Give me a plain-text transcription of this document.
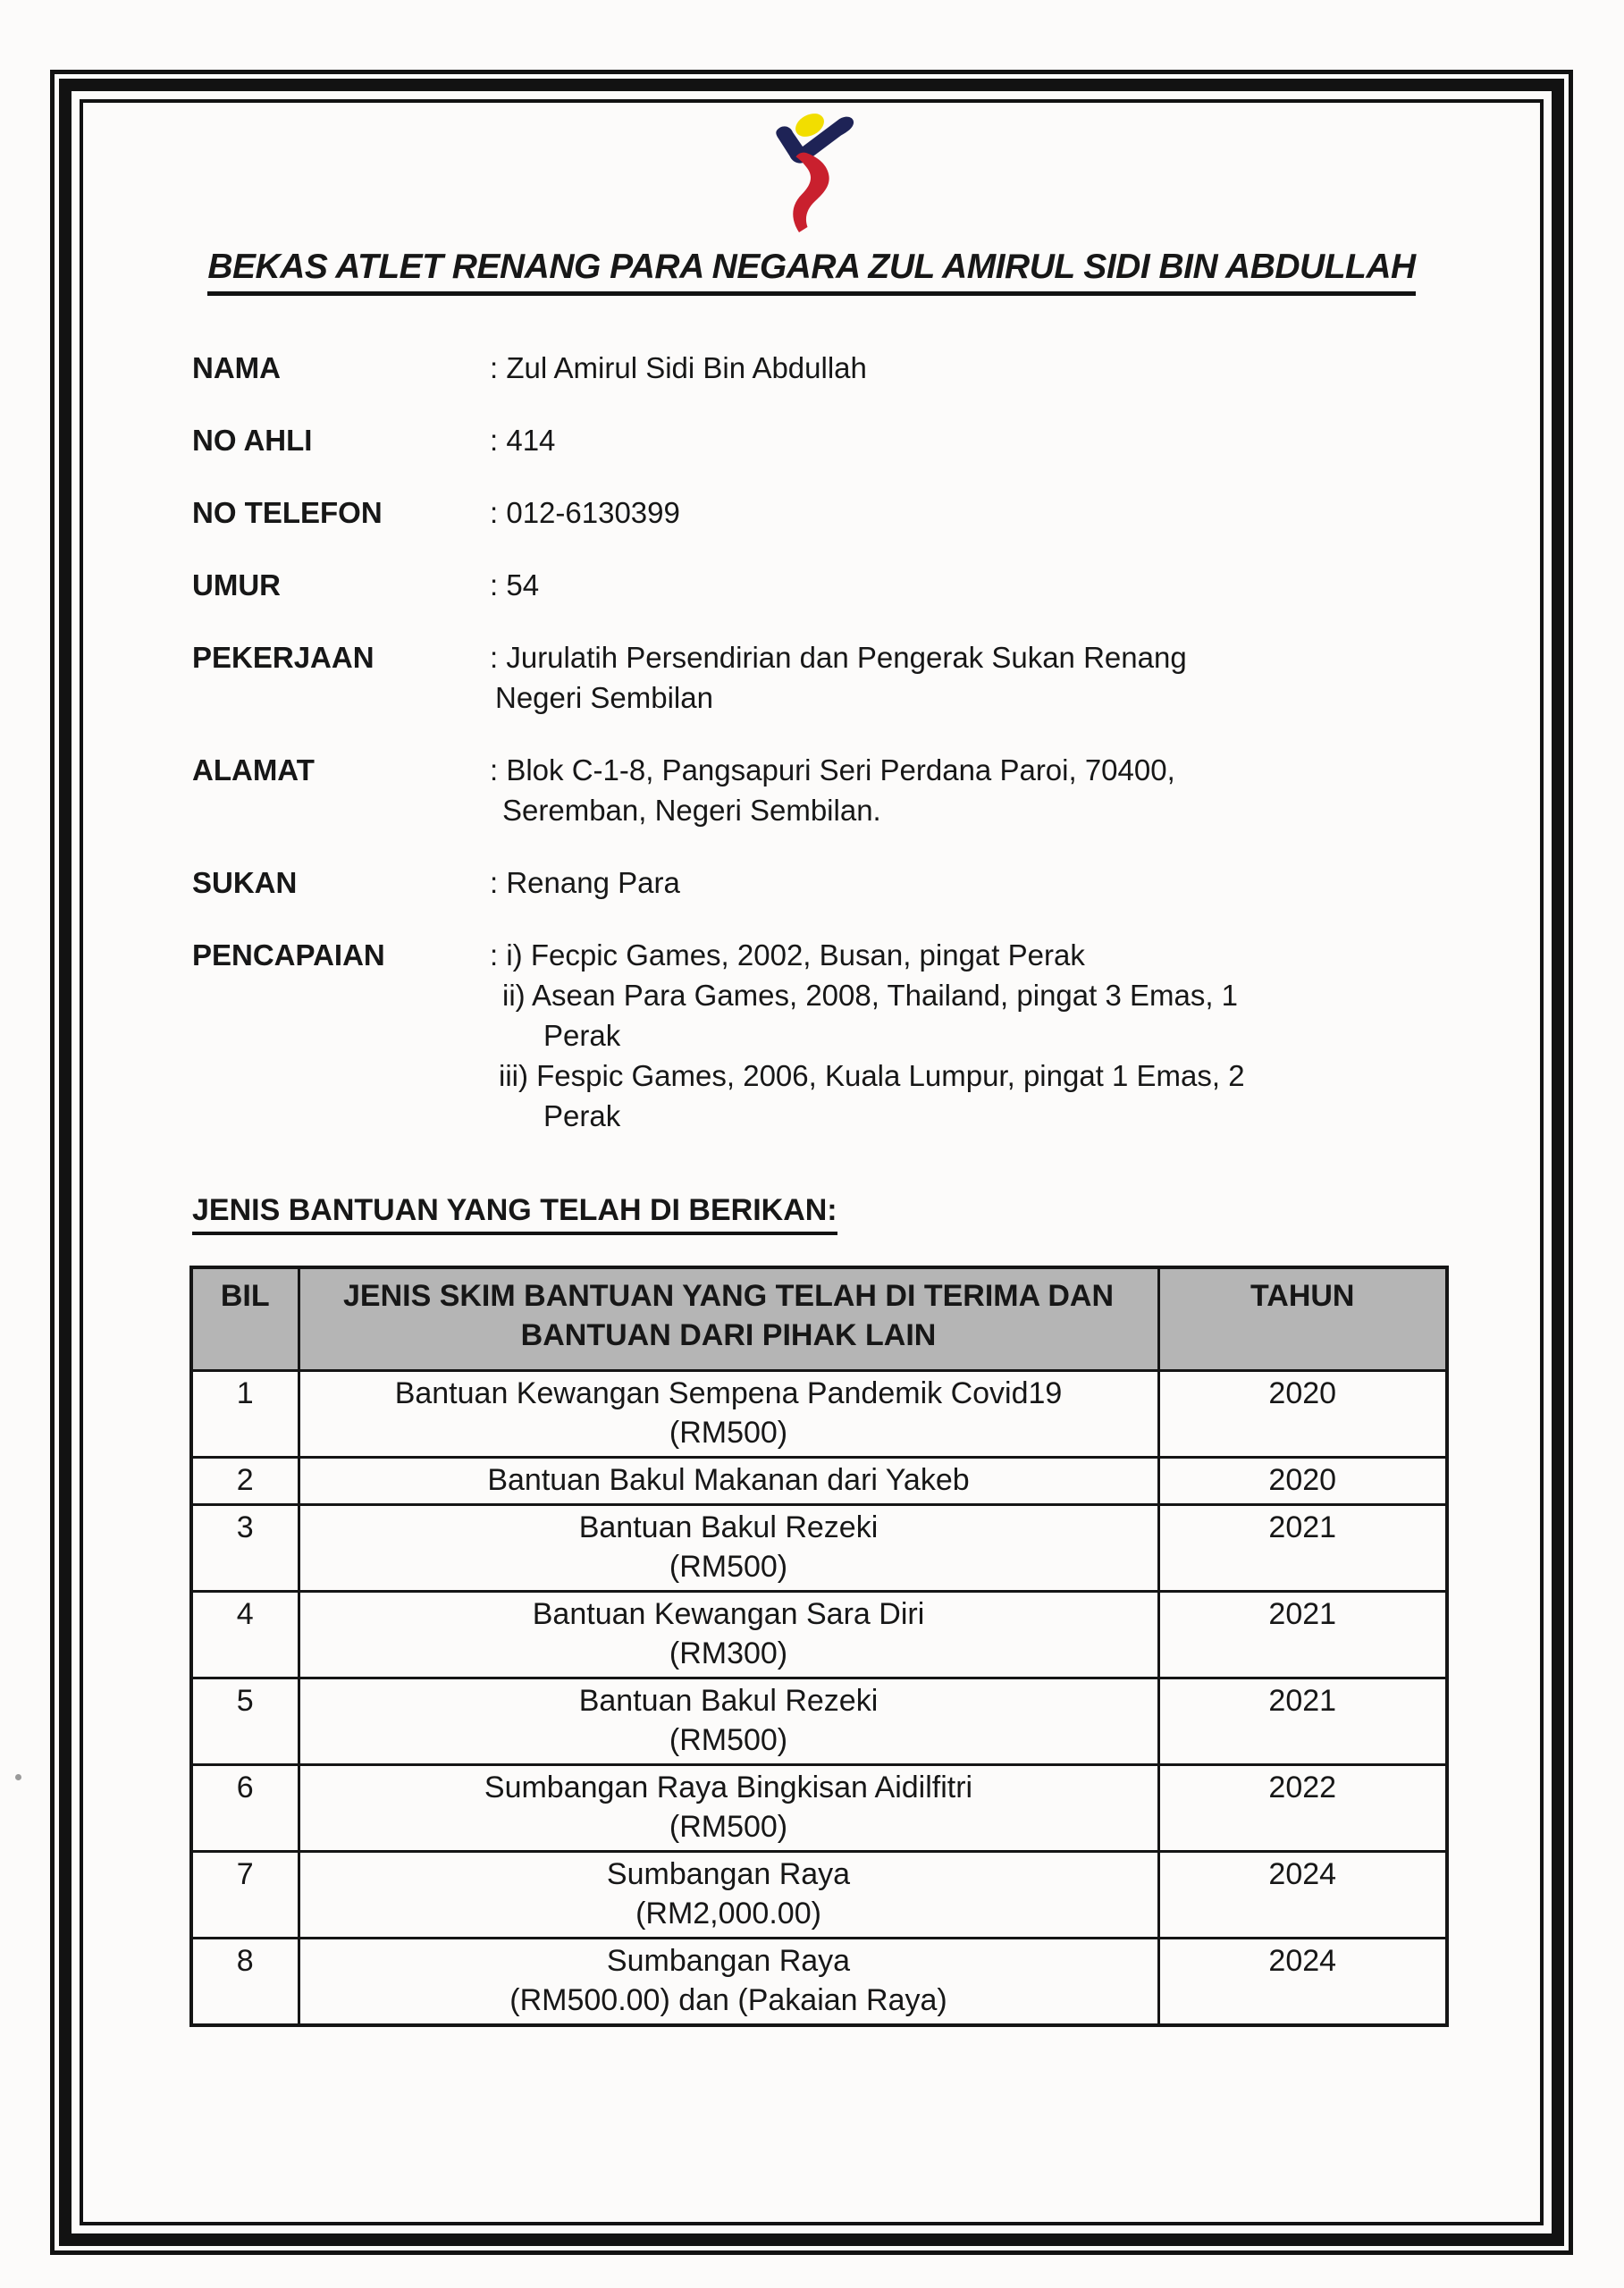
BEKAS ATLET RENANG PARA NEGARA ZUL AMIRUL SIDI BIN ABDULLAH
NAMA	: Zul Amirul Sidi Bin Abdullah
NO AHLI	: 414
NO TELEFON	: 012-6130399
UMUR	: 54
PEKERJAAN	: Jurulatih Persendirian dan Pengerak Sukan Renang
Negeri Sembilan
ALAMAT	: Blok C-1-8, Pangsapuri Seri Perdana Paroi, 70400,
Seremban, Negeri Sembilan.
SUKAN	: Renang Para
PENCAPAIAN	: i) Fecpic Games, 2002, Busan, pingat Perak
ii) Asean Para Games, 2008, Thailand, pingat 3 Emas, 1
Perak
iii) Fespic Games, 2006, Kuala Lumpur, pingat 1 Emas, 2
Perak
JENIS BANTUAN YANG TELAH DI BERIKAN:
BIL	JENIS SKIM BANTUAN YANG TELAH DI TERIMA DAN
BANTUAN DARI PIHAK LAIN	TAHUN
1	Bantuan Kewangan Sempena Pandemik Covid19
(RM500)	2020
2	Bantuan Bakul Makanan dari Yakeb	2020
3	Bantuan Bakul Rezeki
(RM500)	2021
4	Bantuan Kewangan Sara Diri
(RM300)	2021
5	Bantuan Bakul Rezeki
(RM500)	2021
6	Sumbangan Raya Bingkisan Aidilfitri
(RM500)	2022
7	Sumbangan Raya
(RM2,000.00)	2024
8	Sumbangan Raya
(RM500.00) dan (Pakaian Raya)	2024
